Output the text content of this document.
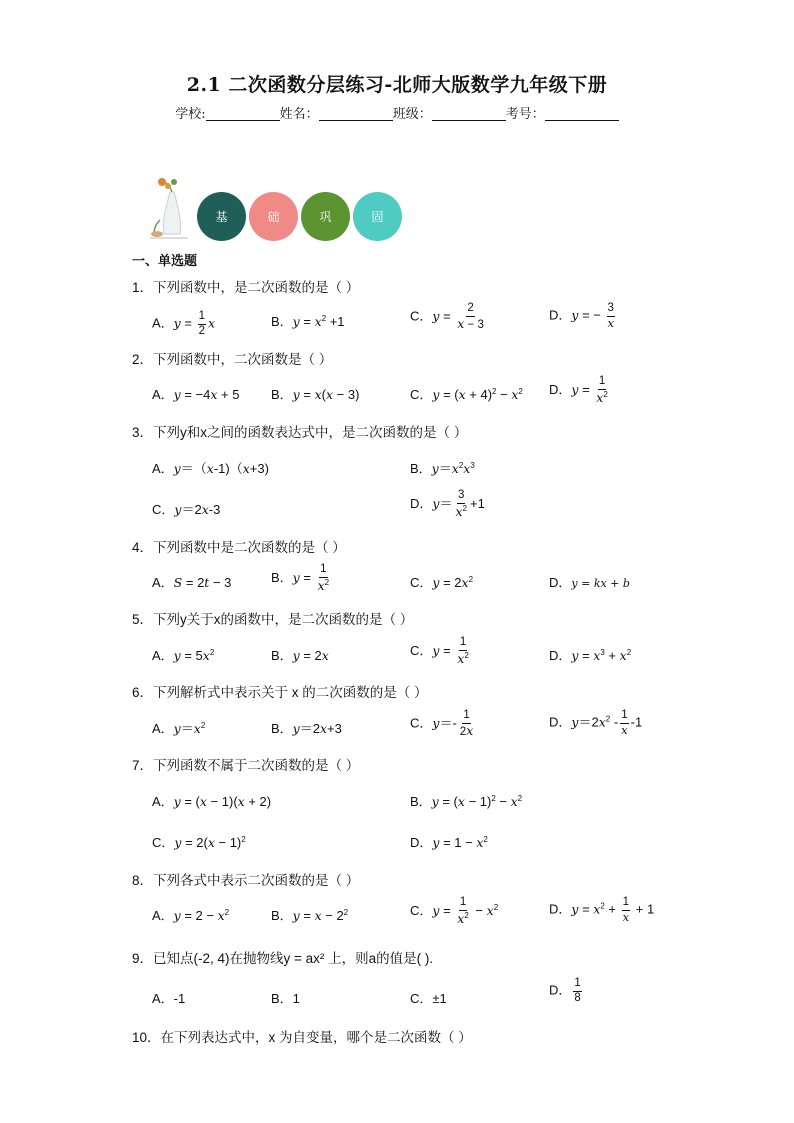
2.1 二次函数分层练习-北师大版数学九年级下册
学校:	姓名：	班级：	考号：
基	础	巩	固
一、单选题
1．下列函数中，是二次函数的是（ ）
A．$y = \frac{1}{2}$ x	B．$y = x^2 +1$	C．$y = \frac{2}{x - 3}$	D．y = − $\frac{3}{x}$
2．下列函数中，二次函数是（ ）
A．y = −4x + 5 B．y = x(x − 3)	C．$y = (x + 4)^2 - x^2$ D．$y = \frac{1}{x^2}$
3．下列y和x之间的函数表达式中，是二次函数的是（ ）
A．y＝（x-1)（x+3)	B．$y=x^2x^3$
C．y＝2x-3	D．$y= \frac{3}{x^2} +1$
4．下列函数中是二次函数的是（ ）
A．S = 2t − 3	B．$y = \frac{1}{x^2}$	C．$y = 2x^2$	D．y = kx + b
5．下列y关于x的函数中，是二次函数的是（ ）
A．$y = 5x^2$	B．y = 2x	C．$y = \frac{1}{x^2}$	D．$y = x^3 + x^2$
6．下列解析式中表示关于 x 的二次函数的是（ ）
A．$y=x^2$	B．y＝2x+3	C．$y=- \frac{1}{2x}$	D．$y=2x^2 - \frac{1}{x} -1$
7．下列函数不属于二次函数的是（ ）
A．y = (x − 1)(x + 2)	B．$y = (x - 1)^2 - x^2$
C．$y = 2(x - 1)^2$	D．$y = 1 - x^2$
8．下列各式中表示二次函数的是（ ）
A．$y = 2 - x^2$	B．$y = x - 2^2$	C．$y = \frac{1}{x^2} - x^2$	D．$y = x^2 + \frac{1}{x} + 1$
9．已知点(-2, 4)在抛物线y = ax² 上，则a的值是( ).
A．-1	B．1	C．±1
D． $\frac{1}{8}$
10．在下列表达式中，x 为自变量，哪个是二次函数（ ）
